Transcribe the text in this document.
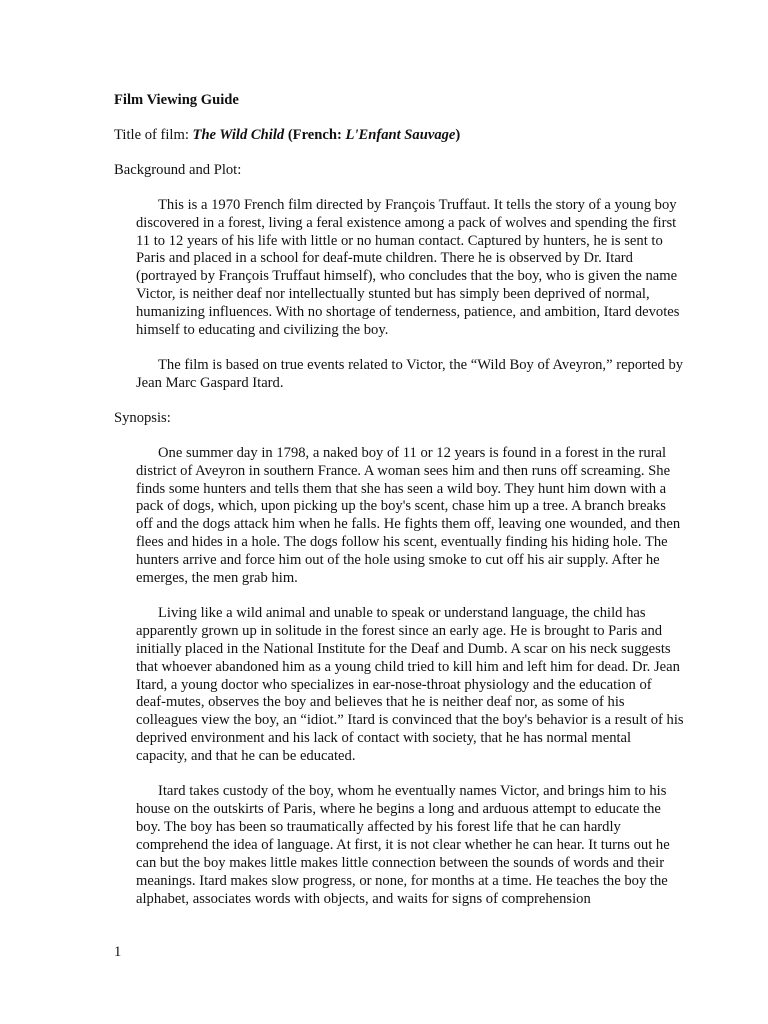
Film Viewing Guide

Title of film: The Wild Child (French: L'Enfant Sauvage)

Background and Plot:

This is a 1970 French film directed by François Truffaut. It tells the story of a young boy discovered in a forest, living a feral existence among a pack of wolves and spending the first 11 to 12 years of his life with little or no human contact. Captured by hunters, he is sent to Paris and placed in a school for deaf-mute children. There he is observed by Dr. Itard (portrayed by François Truffaut himself), who concludes that the boy, who is given the name Victor, is neither deaf nor intellectually stunted but has simply been deprived of normal, humanizing influences. With no shortage of tenderness, patience, and ambition, Itard devotes himself to educating and civilizing the boy.

The film is based on true events related to Victor, the “Wild Boy of Aveyron,” reported by Jean Marc Gaspard Itard.

Synopsis:

One summer day in 1798, a naked boy of 11 or 12 years is found in a forest in the rural district of Aveyron in southern France. A woman sees him and then runs off screaming. She finds some hunters and tells them that she has seen a wild boy. They hunt him down with a pack of dogs, which, upon picking up the boy's scent, chase him up a tree. A branch breaks off and the dogs attack him when he falls. He fights them off, leaving one wounded, and then flees and hides in a hole. The dogs follow his scent, eventually finding his hiding hole. The hunters arrive and force him out of the hole using smoke to cut off his air supply. After he emerges, the men grab him.

Living like a wild animal and unable to speak or understand language, the child has apparently grown up in solitude in the forest since an early age. He is brought to Paris and initially placed in the National Institute for the Deaf and Dumb. A scar on his neck suggests that whoever abandoned him as a young child tried to kill him and left him for dead. Dr. Jean Itard, a young doctor who specializes in ear-nose-throat physiology and the education of deaf-mutes, observes the boy and believes that he is neither deaf nor, as some of his colleagues view the boy, an “idiot.” Itard is convinced that the boy's behavior is a result of his deprived environment and his lack of contact with society, that he has normal mental capacity, and that he can be educated.

Itard takes custody of the boy, whom he eventually names Victor, and brings him to his house on the outskirts of Paris, where he begins a long and arduous attempt to educate the boy. The boy has been so traumatically affected by his forest life that he can hardly comprehend the idea of language. At first, it is not clear whether he can hear. It turns out he can but the boy makes little makes little connection between the sounds of words and their meanings. Itard makes slow progress, or none, for months at a time. He teaches the boy the alphabet, associates words with objects, and waits for signs of comprehension

1
